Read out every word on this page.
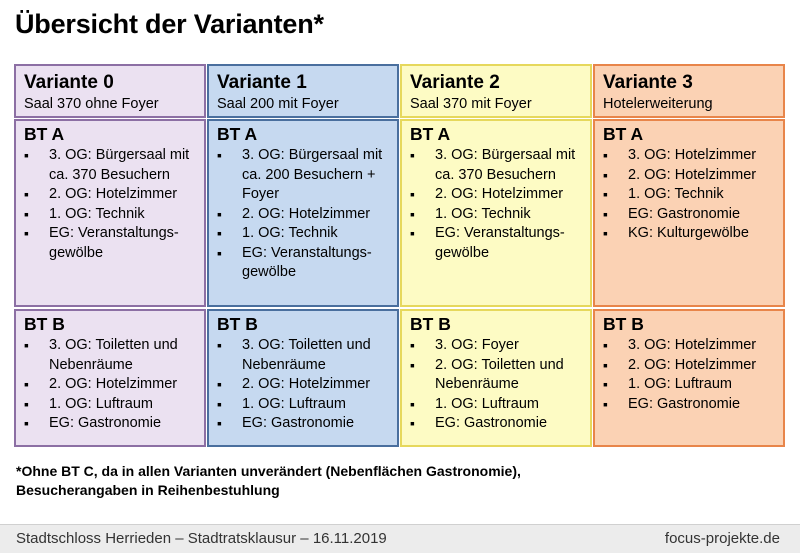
Übersicht der Varianten*
Variante 0
Saal 370 ohne Foyer
BT A
▪ 3. OG: Bürgersaal mit ca. 370 Besuchern
▪ 2. OG: Hotelzimmer
▪ 1. OG: Technik
▪ EG: Veranstaltungs-gewölbe
BT B
▪ 3. OG: Toiletten und Nebenräume
▪ 2. OG: Hotelzimmer
▪ 1. OG: Luftraum
▪ EG: Gastronomie
Variante 1
Saal 200 mit Foyer
BT A
▪ 3. OG: Bürgersaal mit ca. 200 Besuchern + Foyer
▪ 2. OG: Hotelzimmer
▪ 1. OG: Technik
▪ EG: Veranstaltungs-gewölbe
BT B
▪ 3. OG: Toiletten und Nebenräume
▪ 2. OG: Hotelzimmer
▪ 1. OG: Luftraum
▪ EG: Gastronomie
Variante 2
Saal 370 mit Foyer
BT A
▪ 3. OG: Bürgersaal mit ca. 370 Besuchern
▪ 2. OG: Hotelzimmer
▪ 1. OG: Technik
▪ EG: Veranstaltungs-gewölbe
BT B
▪ 3. OG: Foyer
▪ 2. OG: Toiletten und Nebenräume
▪ 1. OG: Luftraum
▪ EG: Gastronomie
Variante 3
Hotelerweiterung
BT A
▪ 3. OG: Hotelzimmer
▪ 2. OG: Hotelzimmer
▪ 1. OG: Technik
▪ EG: Gastronomie
▪ KG: Kulturgewölbe
BT B
▪ 3. OG: Hotelzimmer
▪ 2. OG: Hotelzimmer
▪ 1. OG: Luftraum
▪ EG: Gastronomie
*Ohne BT C, da in allen Varianten unverändert (Nebenflächen Gastronomie),
Besucherangaben in Reihenbestuhlung
Stadtschloss Herrieden – Stadtratsklausur – 16.11.2019	focus-projekte.de
